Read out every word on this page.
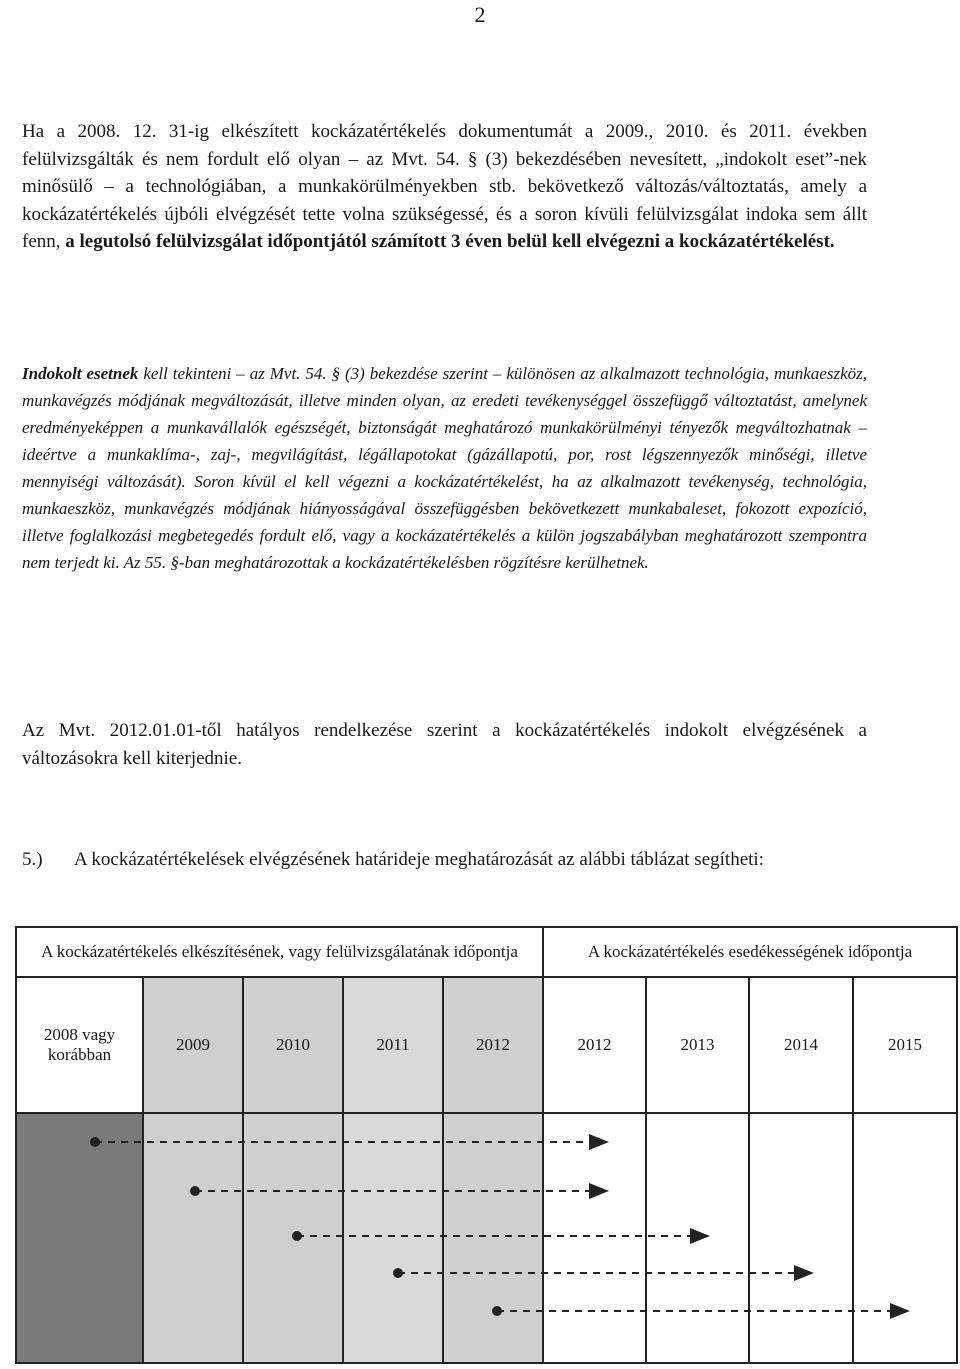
2
Ha a 2008. 12. 31-ig elkészített kockázatértékelés dokumentumát a 2009., 2010. és 2011. években felülvizsgálták és nem fordult elő olyan – az Mvt. 54. § (3) bekezdésében nevesített, „indokolt eset”-nek minősülő – a technológiában, a munkakörülményekben stb. bekövetkező változás/változtatás, amely a kockázatértékelés újbóli elvégzését tette volna szükségessé, és a soron kívüli felülvizsgálat indoka sem állt fenn, a legutolsó felülvizsgálat időpontjától számított 3 éven belül kell elvégezni a kockázatértékelést.
Indokolt esetnek kell tekinteni – az Mvt. 54. § (3) bekezdése szerint – különösen az alkalmazott technológia, munkaeszköz, munkavégzés módjának megváltozását, illetve minden olyan, az eredeti tevékenységgel összefüggő változtatást, amelynek eredményeképpen a munkavállalók egészségét, biztonságát meghatározó munkakörülményi tényezők megváltozhatnak – ideértve a munkaklíma-, zaj-, megvilágítást, légállapotokat (gázállapotú, por, rost légszennyezők minőségi, illetve mennyiségi változását). Soron kívül el kell végezni a kockázatértékelést, ha az alkalmazott tevékenység, technológia, munkaeszköz, munkavégzés módjának hiányosságával összefüggésben bekövetkezett munkabaleset, fokozott expozíció, illetve foglalkozási megbetegedés fordult elő, vagy a kockázatértékelés a külön jogszabályban meghatározott szempontra nem terjedt ki. Az 55. §-ban meghatározottak a kockázatértékelésben rögzítésre kerülhetnek.
Az Mvt. 2012.01.01-től hatályos rendelkezése szerint a kockázatértékelés indokolt elvégzésének a változásokra kell kiterjednie.
5.) A kockázatértékelések elvégzésének határideje meghatározását az alábbi táblázat segítheti:
A kockázatértékelés elkészítésének, vagy felülvizsgálatának időpontja					A kockázatértékelés esedékességének időpontja			
2008 vagy korábban	2009	2010	2011	2012	2012	2013	2014	2015
